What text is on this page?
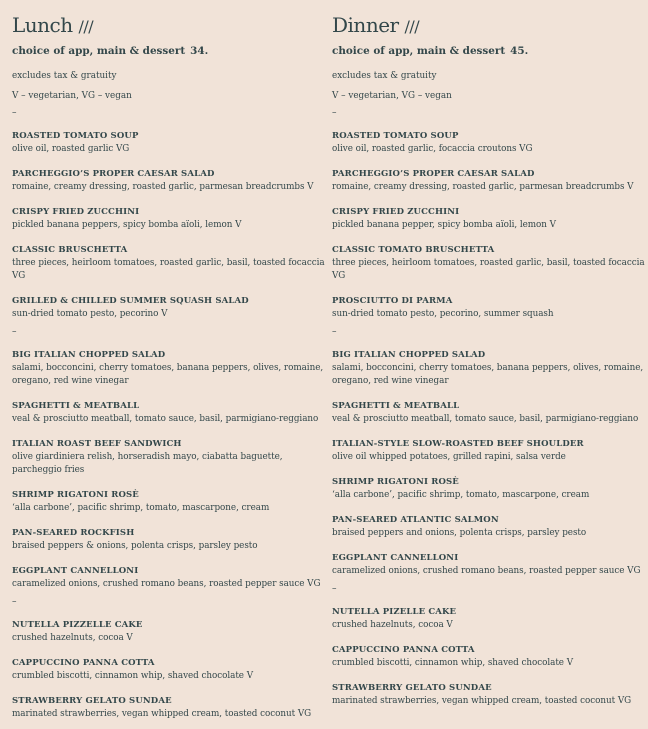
Lunch ///
choice of app, main & dessert 34.
excludes tax & gratuity
V – vegetarian, VG – vegan
–
ROASTED TOMATO SOUP
olive oil, roasted garlic VG
PARCHEGGIO’S PROPER CAESAR SALAD
romaine, creamy dressing, roasted garlic, parmesan breadcrumbs V
CRISPY FRIED ZUCCHINI
pickled banana peppers, spicy bomba aïoli, lemon V
CLASSIC BRUSCHETTA
three pieces, heirloom tomatoes, roasted garlic, basil, toasted focaccia VG
GRILLED & CHILLED SUMMER SQUASH SALAD
sun-dried tomato pesto, pecorino V
–
BIG ITALIAN CHOPPED SALAD
salami, bocconcini, cherry tomatoes, banana peppers, olives, romaine, oregano, red wine vinegar
SPAGHETTI & MEATBALL
veal & prosciutto meatball, tomato sauce, basil, parmigiano-reggiano
ITALIAN ROAST BEEF SANDWICH
olive giardiniera relish, horseradish mayo, ciabatta baguette, parcheggio fries
SHRIMP RIGATONI ROSÈ
‘alla carbone’, pacific shrimp, tomato, mascarpone, cream
PAN-SEARED ROCKFISH
braised peppers & onions, polenta crisps, parsley pesto
EGGPLANT CANNELLONI
caramelized onions, crushed romano beans, roasted pepper sauce VG
–
NUTELLA PIZZELLE CAKE
crushed hazelnuts, cocoa V
CAPPUCCINO PANNA COTTA
crumbled biscotti, cinnamon whip, shaved chocolate V
STRAWBERRY GELATO SUNDAE
marinated strawberries, vegan whipped cream, toasted coconut VG
Dinner ///
choice of app, main & dessert 45.
excludes tax & gratuity
V – vegetarian, VG – vegan
–
ROASTED TOMATO SOUP
olive oil, roasted garlic, focaccia croutons VG
PARCHEGGIO’S PROPER CAESAR SALAD
romaine, creamy dressing, roasted garlic, parmesan breadcrumbs V
CRISPY FRIED ZUCCHINI
pickled banana pepper, spicy bomba aïoli, lemon V
CLASSIC TOMATO BRUSCHETTA
three pieces, heirloom tomatoes, roasted garlic, basil, toasted focaccia VG
PROSCIUTTO DI PARMA
sun-dried tomato pesto, pecorino, summer squash
–
BIG ITALIAN CHOPPED SALAD
salami, bocconcini, cherry tomatoes, banana peppers, olives, romaine, oregano, red wine vinegar
SPAGHETTI & MEATBALL
veal & prosciutto meatball, tomato sauce, basil, parmigiano-reggiano
ITALIAN-STYLE SLOW-ROASTED BEEF SHOULDER
olive oil whipped potatoes, grilled rapini, salsa verde
SHRIMP RIGATONI ROSÈ
‘alla carbone’, pacific shrimp, tomato, mascarpone, cream
PAN-SEARED ATLANTIC SALMON
braised peppers and onions, polenta crisps, parsley pesto
EGGPLANT CANNELLONI
caramelized onions, crushed romano beans, roasted pepper sauce VG
–
NUTELLA PIZELLE CAKE
crushed hazelnuts, cocoa V
CAPPUCCINO PANNA COTTA
crumbled biscotti, cinnamon whip, shaved chocolate V
STRAWBERRY GELATO SUNDAE
marinated strawberries, vegan whipped cream, toasted coconut VG
